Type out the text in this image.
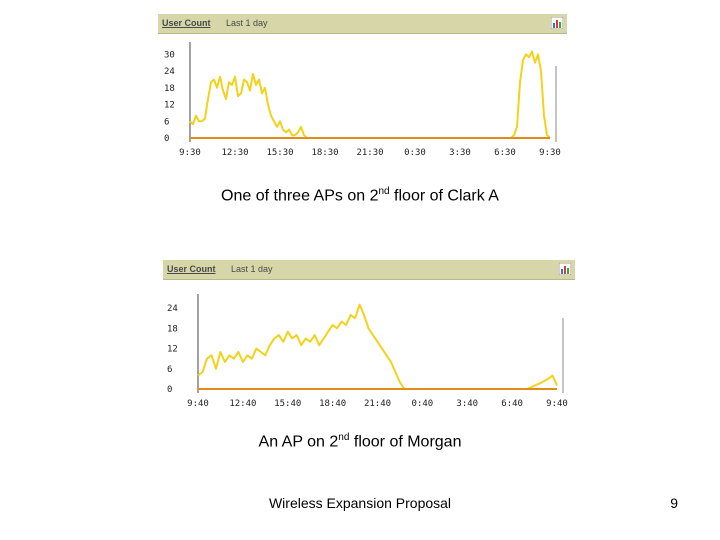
User Count Last 1 day
0
6
12
18
24
30
9:30 12:30 15:30 18:30 21:30 0:30	3:30	6:30	9:30
One of three APs on 2nd floor of Clark A
User Count Last 1 day
0
6
12
18
24
9:40 12:40 15:40 18:40 21:40 0:40	3:40	6:40	9:40
An AP on 2nd floor of Morgan
Wireless Expansion Proposal	9
